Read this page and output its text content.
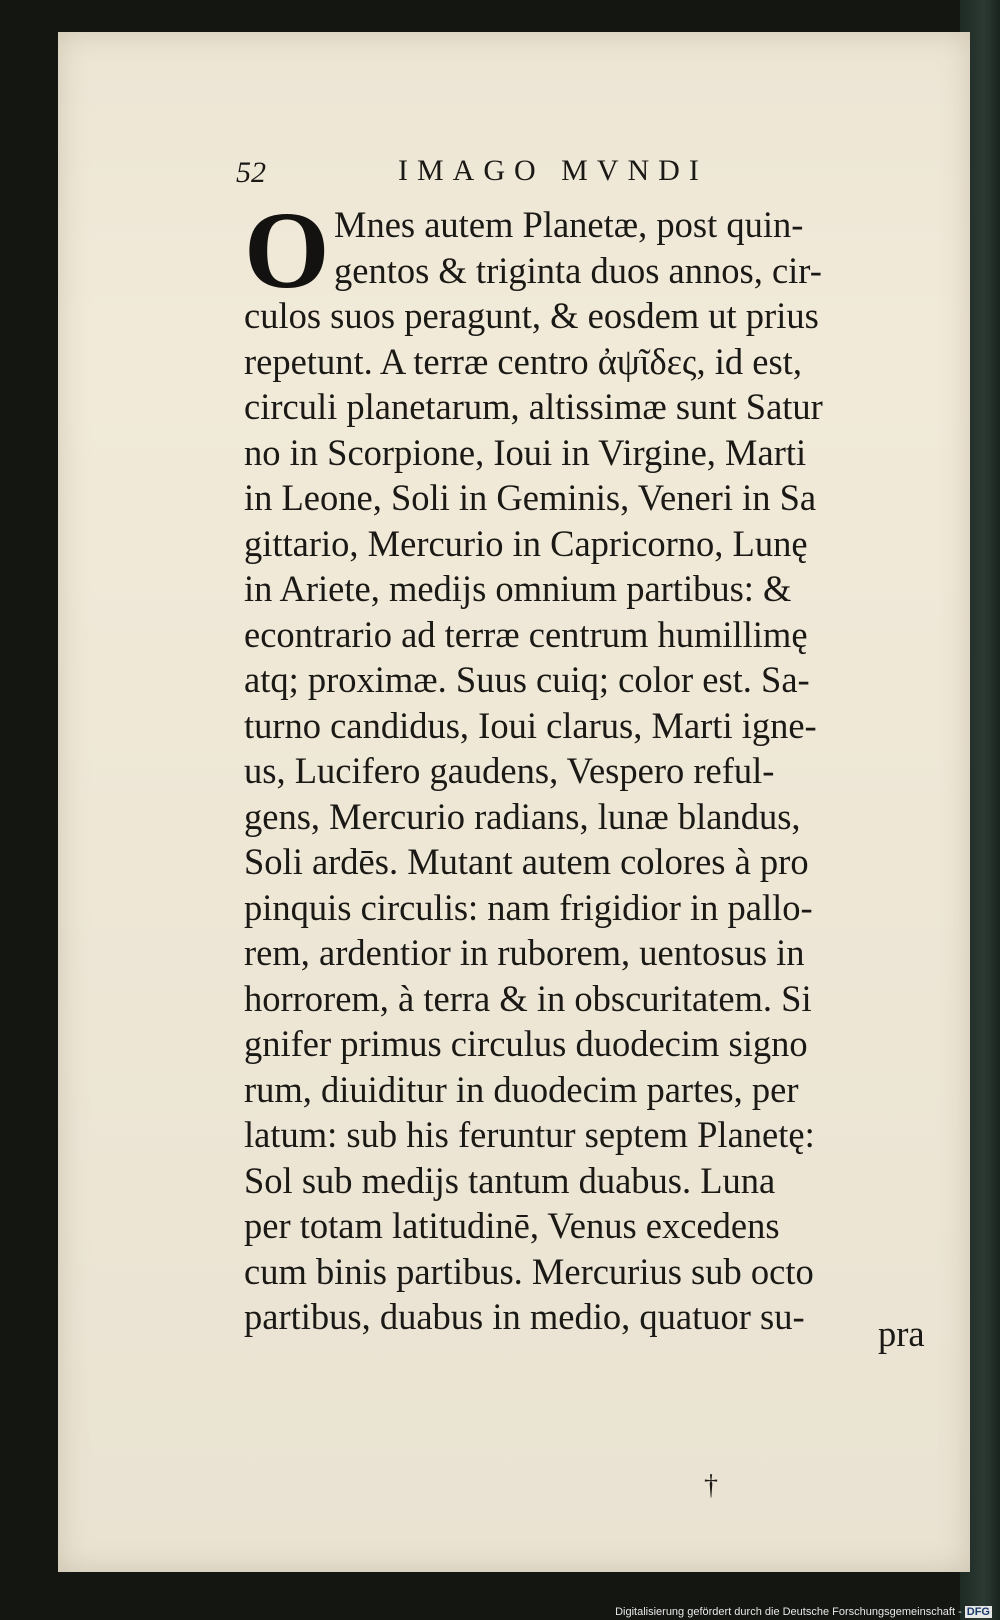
52	IMAGO MVNDI
O Mnes autem Planetæ, post quin-
gentos & triginta duos annos, cir-
culos suos peragunt, & eosdem ut prius
repetunt. A terræ centro ἀψῖδες, id est,
circuli planetarum, altissimæ sunt Satur
no in Scorpione, Ioui in Virgine, Marti
in Leone, Soli in Geminis, Veneri in Sa
gittario, Mercurio in Capricorno, Lunę
in Ariete, medijs omnium partibus: &
econtrario ad terræ centrum humillimę
atq; proximæ. Suus cuiq; color est. Sa-
turno candidus, Ioui clarus, Marti igne-
us, Lucifero gaudens, Vespero reful-
gens, Mercurio radians, lunæ blandus,
Soli ardēs. Mutant autem colores à pro
pinquis circulis: nam frigidior in pallo-
rem, ardentior in ruborem, uentosus in
horrorem, à terra & in obscuritatem. Si
gnifer primus circulus duodecim signo
rum, diuiditur in duodecim partes, per
latum: sub his feruntur septem Planetę:
Sol sub medijs tantum duabus. Luna
per totam latitudinē, Venus excedens
cum binis partibus. Mercurius sub octo
partibus, duabus in medio, quatuor su-	pra
†
Digitalisierung gefördert durch die Deutsche Forschungsgemeinschaft - DFG
